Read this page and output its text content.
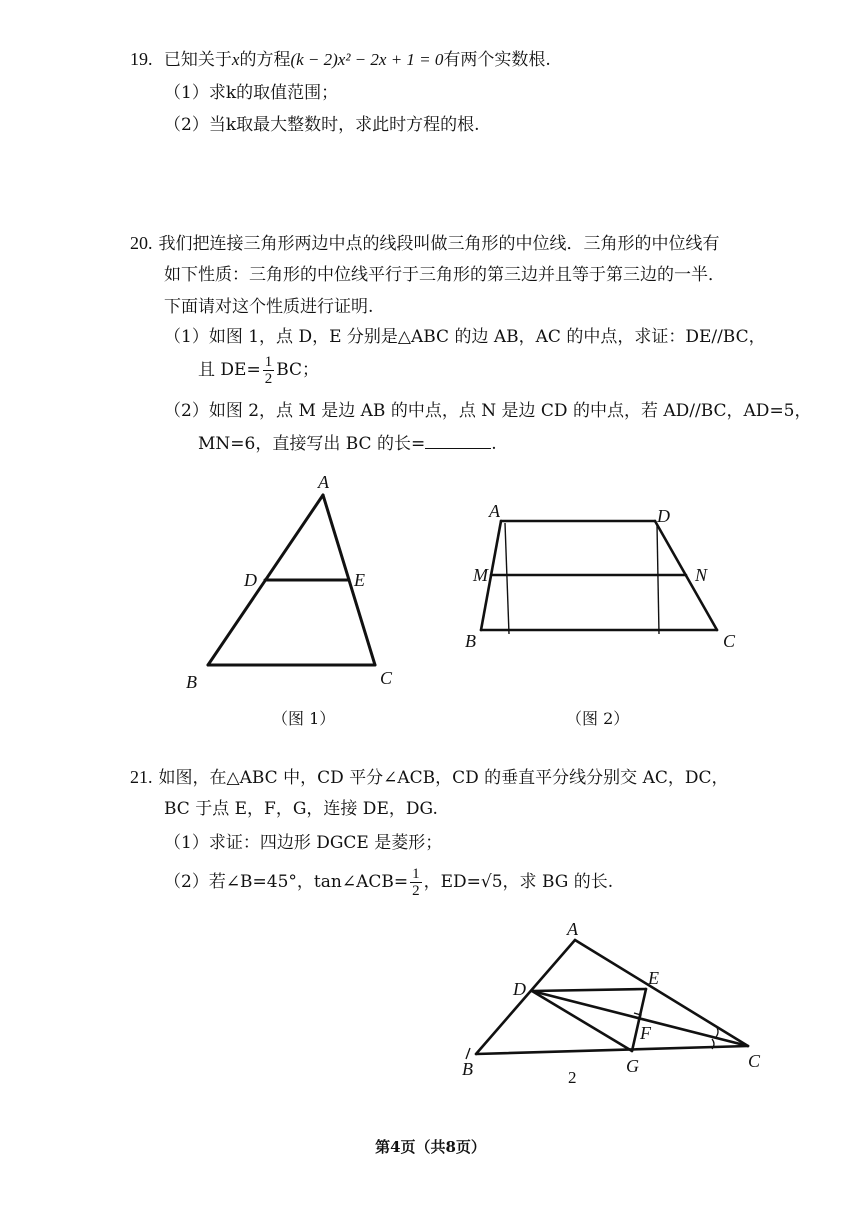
19. 已知关于x的方程(k − 2)x² − 2x + 1 = 0有两个实数根.
（1）求k的取值范围；
（2）当k取最大整数时，求此时方程的根.
20. 我们把连接三角形两边中点的线段叫做三角形的中位线．三角形的中位线有
如下性质：三角形的中位线平行于三角形的第三边并且等于第三边的一半．
下面请对这个性质进行证明.
（1）如图 1，点 D，E 分别是△ABC 的边 AB，AC 的中点，求证：DE//BC，
且 $DE= \frac{1}{2}$ BC；
（2）如图 2，点 M 是边 AB 的中点，点 N 是边 CD 的中点，若 AD//BC，AD=5，
MN=6，直接写出 BC 的长=	.
A
D	E
B	C
（图 1）
A	D
M	N
B	C
（图 2）
21. 如图，在△ABC 中，CD 平分∠ACB，CD 的垂直平分线分别交 AC，DC，
BC 于点 E，F，G，连接 DE，DG.
（1）求证：四边形 DGCE 是菱形；
（2）若∠B=45°，tan∠ACB= $\frac{1}{2}$ ，ED=√5，求 BG 的长.
A
D
E
F
G
B	C
2
第4页（共8页）
